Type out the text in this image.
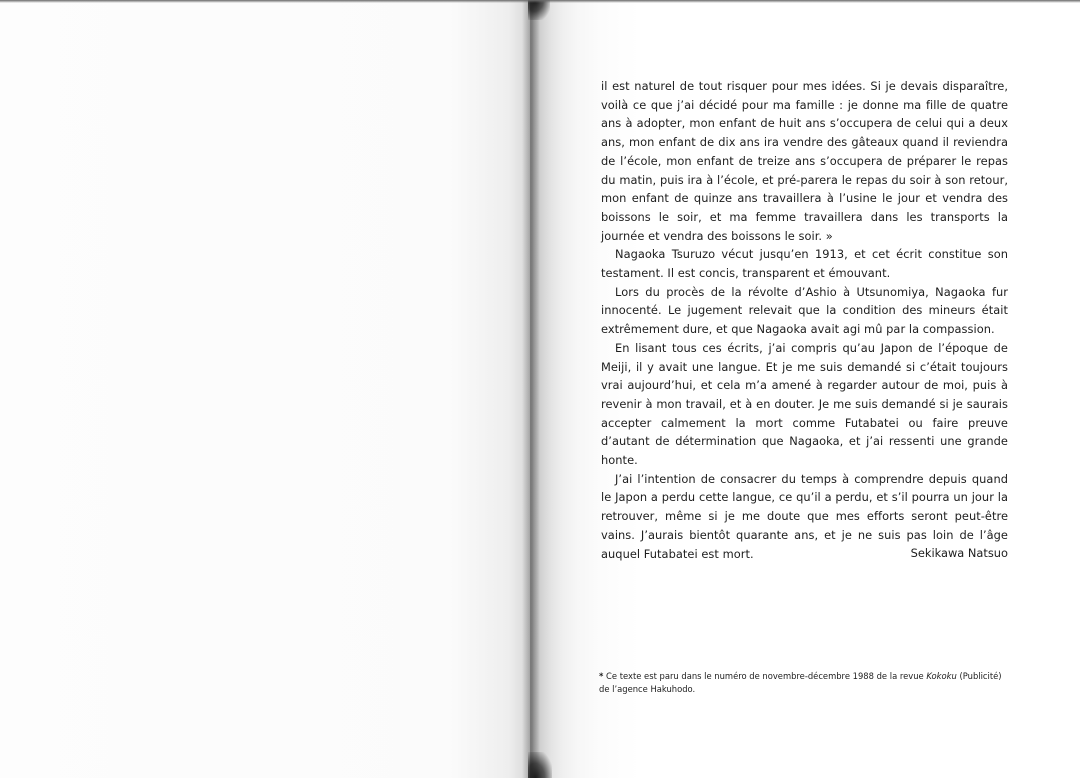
il est naturel de tout risquer pour mes idées. Si je devais disparaître, voilà ce que j’ai décidé pour ma famille : je donne ma fille de quatre ans à adopter, mon enfant de huit ans s’occupera de celui qui a deux ans, mon enfant de dix ans ira vendre des gâteaux quand il reviendra de l’école, mon enfant de treize ans s’occupera de préparer le repas du matin, puis ira à l’école, et pré-parera le repas du soir à son retour, mon enfant de quinze ans travaillera à l’usine le jour et vendra des boissons le soir, et ma femme travaillera dans les transports la journée et vendra des boissons le soir. »

Nagaoka Tsuruzo vécut jusqu’en 1913, et cet écrit constitue son testament. Il est concis, transparent et émouvant.

Lors du procès de la révolte d’Ashio à Utsunomiya, Nagaoka fur innocenté. Le jugement relevait que la condition des mineurs était extrêmement dure, et que Nagaoka avait agi mû par la compassion.

En lisant tous ces écrits, j’ai compris qu’au Japon de l’époque de Meiji, il y avait une langue. Et je me suis demandé si c’était toujours vrai aujourd’hui, et cela m’a amené à regarder autour de moi, puis à revenir à mon travail, et à en douter. Je me suis demandé si je saurais accepter calmement la mort comme Futabatei ou faire preuve d’autant de détermination que Nagaoka, et j’ai ressenti une grande honte.

J’ai l’intention de consacrer du temps à comprendre depuis quand le Japon a perdu cette langue, ce qu’il a perdu, et s’il pourra un jour la retrouver, même si je me doute que mes efforts seront peut-être vains. J’aurais bientôt quarante ans, et je ne suis pas loin de l’âge auquel Futabatei est mort.	Sekikawa Natsuo
* Ce texte est paru dans le numéro de novembre-décembre 1988 de la revue Kokoku (Publicité) de l’agence Hakuhodo.
